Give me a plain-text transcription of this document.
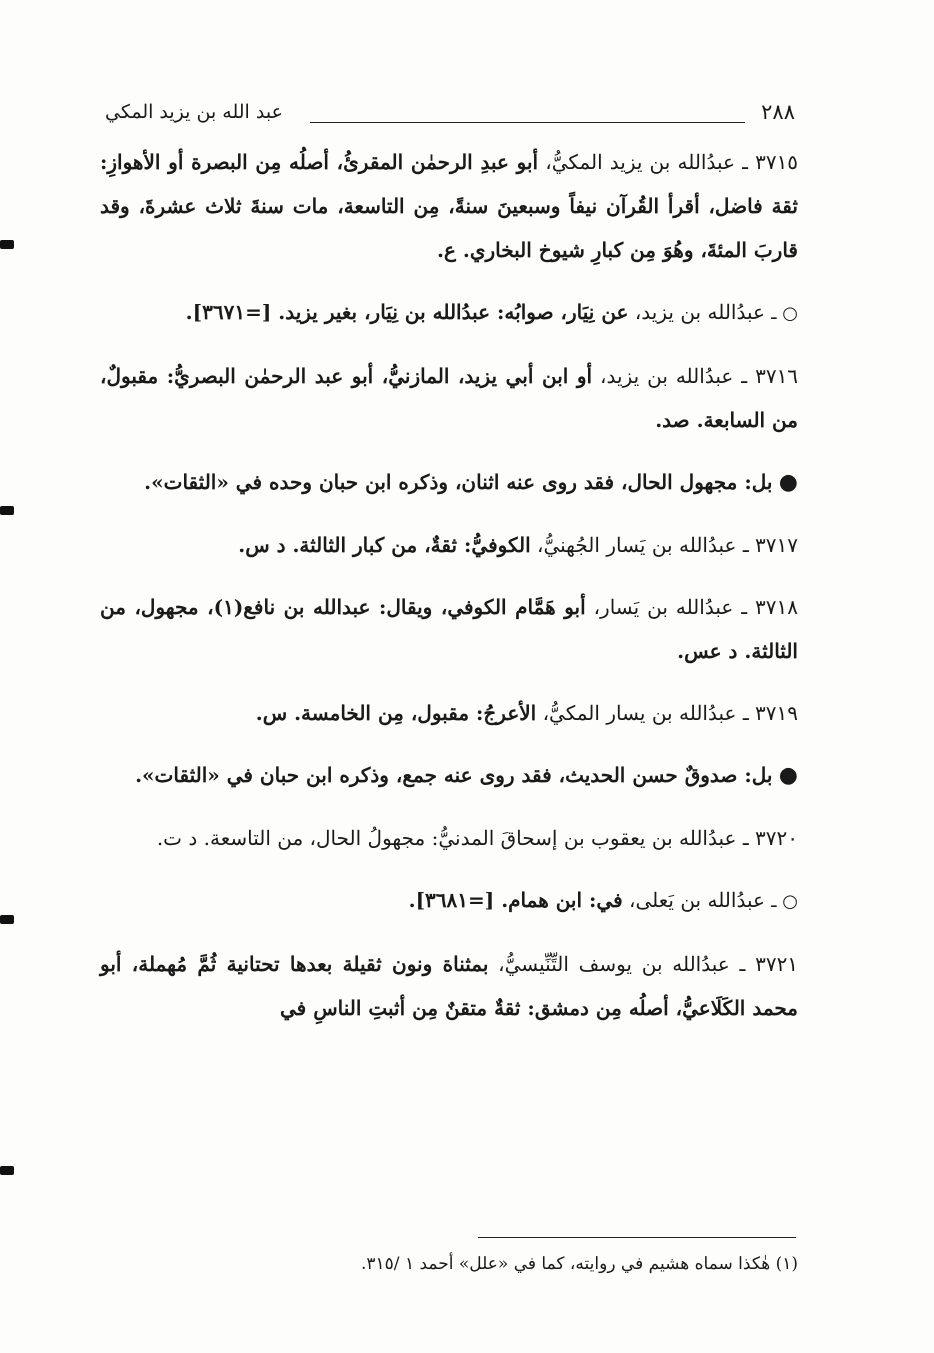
٢٨٨
عبد الله بن يزيد المكي

٣٧١٥ ـ عبدُالله بن يزيد المكيُّ، أبو عبدِ الرحمٰن المقرئُ، أصلُه مِن البصرة أو الأهوازِ: ثقة فاضل، أقرأ القُرآن نيفاً وسبعينَ سنةً، مِن التاسعة، مات سنةَ ثلاث عشرةَ، وقد قاربَ المئةَ، وهُوَ مِن كبارِ شيوخ البخاري. ع.

○ ـ عبدُالله بن يزيد، عن نِيَار، صوابُه: عبدُالله بن نِيَار، بغير يزيد. [=٣٦٧١].

٣٧١٦ ـ عبدُالله بن يزيد، أو ابن أبي يزيد، المازنيُّ، أبو عبد الرحمٰن البصريُّ: مقبولٌ، من السابعة. صد.

● بل: مجهول الحال، فقد روى عنه اثنان، وذكره ابن حبان وحده في «الثقات».

٣٧١٧ ـ عبدُالله بن يَسار الجُهنيُّ، الكوفيُّ: ثقةٌ، من كبار الثالثة. د س.

٣٧١٨ ـ عبدُالله بن يَسار، أبو هَمَّام الكوفي، ويقال: عبدالله بن نافع(١)، مجهول، من الثالثة. د عس.

٣٧١٩ ـ عبدُالله بن يسار المكيُّ، الأعرجُ: مقبول، مِن الخامسة. س.

● بل: صدوقٌ حسن الحديث، فقد روى عنه جمع، وذكره ابن حبان في «الثقات».

٣٧٢٠ ـ عبدُالله بن يعقوب بن إسحاقَ المدنيُّ: مجهولُ الحال، من التاسعة. د ت.

○ ـ عبدُالله بن يَعلى، في: ابن همام. [=٣٦٨١].

٣٧٢١ ـ عبدُالله بن يوسف التِّنِّيسيُّ، بمثناة ونون ثقيلة بعدها تحتانية ثُمَّ مُهملة، أبو محمد الكَلَاعيُّ، أصلُه مِن دمشق: ثقةٌ متقنٌ مِن أثبتِ الناسِ في

(١) هٰكذا سماه هشيم في روايته، كما في «علل» أحمد ١ /٣١٥.
